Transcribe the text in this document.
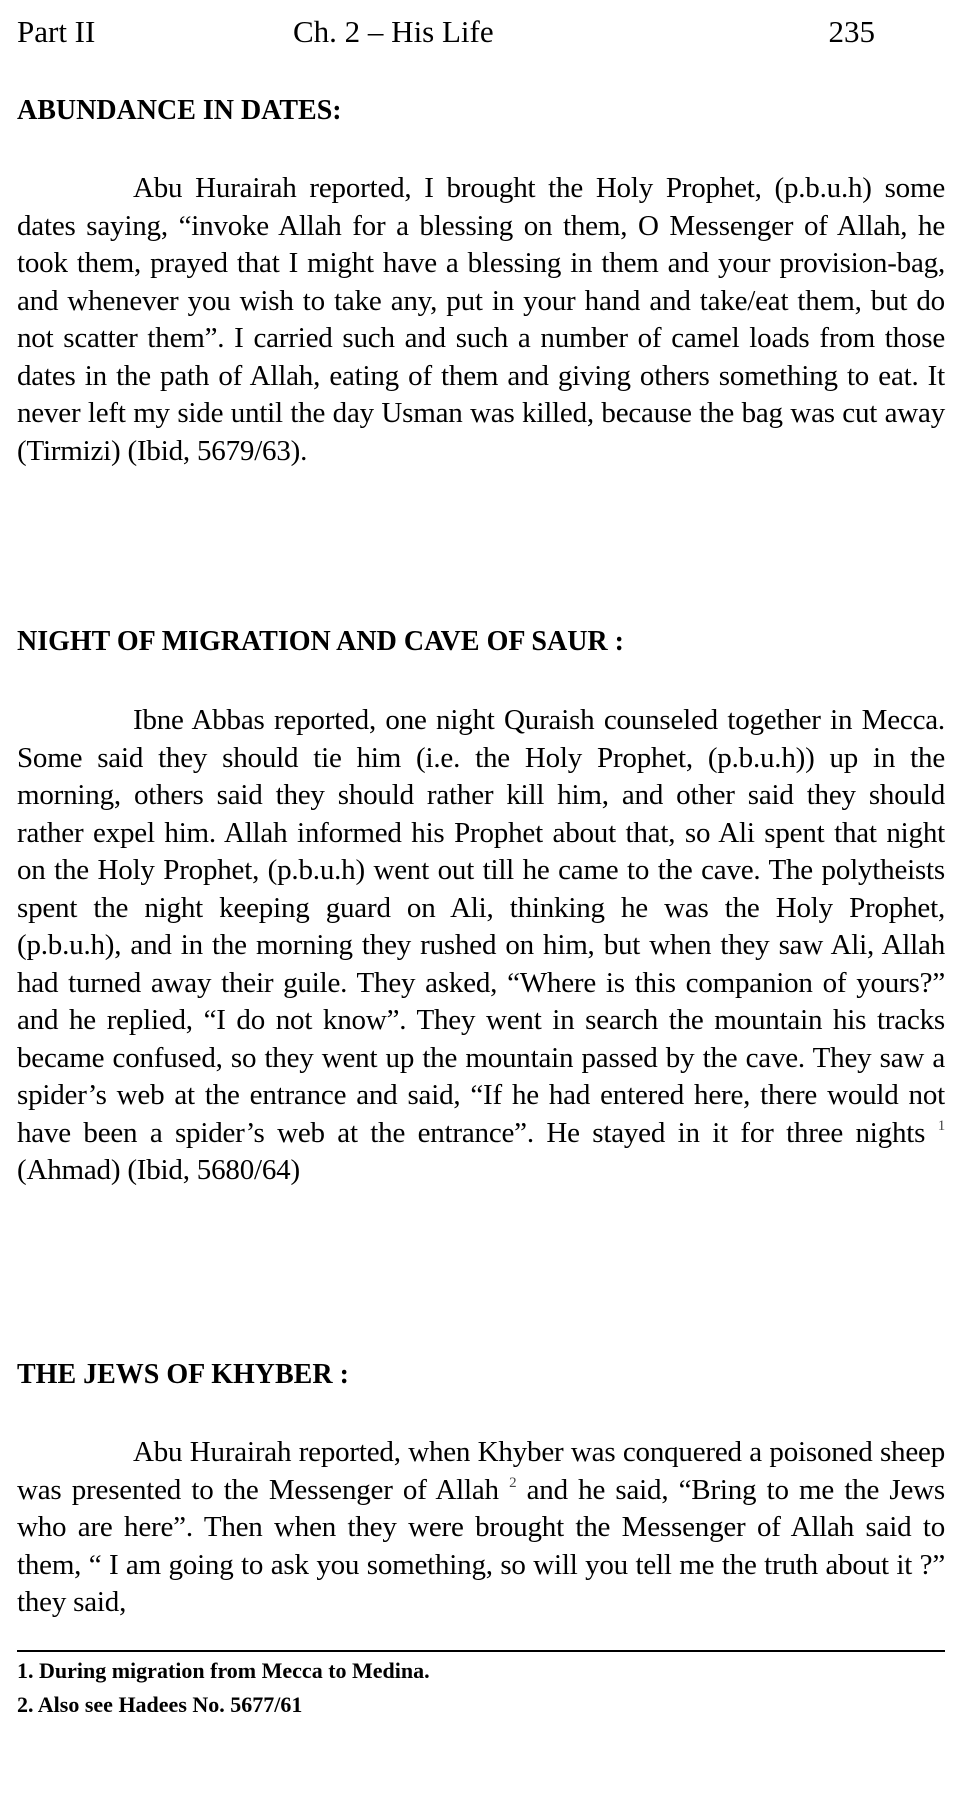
Part II	Ch. 2 – His Life	235
ABUNDANCE IN DATES:

Abu Hurairah reported, I brought the Holy Prophet, (p.b.u.h) some dates saying, “invoke Allah for a blessing on them, O Messenger of Allah, he took them, prayed that I might have a blessing in them and your provision-bag, and whenever you wish to take any, put in your hand and take/eat them, but do not scatter them”. I carried such and such a number of camel loads from those dates in the path of Allah, eating of them and giving others something to eat. It never left my side until the day Usman was killed, because the bag was cut away (Tirmizi) (Ibid, 5679/63).

NIGHT OF MIGRATION AND CAVE OF SAUR :

Ibne Abbas reported, one night Quraish counseled together in Mecca. Some said they should tie him (i.e. the Holy Prophet, (p.b.u.h)) up in the morning, others said they should rather kill him, and other said they should rather expel him. Allah informed his Prophet about that, so Ali spent that night on the Holy Prophet, (p.b.u.h) went out till he came to the cave. The polytheists spent the night keeping guard on Ali, thinking he was the Holy Prophet, (p.b.u.h), and in the morning they rushed on him, but when they saw Ali, Allah had turned away their guile. They asked, “Where is this companion of yours?” and he replied, “I do not know”. They went in search the mountain his tracks became confused, so they went up the mountain passed by the cave. They saw a spider’s web at the entrance and said, “If he had entered here, there would not have been a spider’s web at the entrance”. He stayed in it for three nights $^1$ (Ahmad) (Ibid, 5680/64)

THE JEWS OF KHYBER :

Abu Hurairah reported, when Khyber was conquered a poisoned sheep was presented to the Messenger of Allah $^2$ and he said, “Bring to me the Jews who are here”. Then when they were brought the Messenger of Allah said to them, “ I am going to ask you something, so will you tell me the truth about it ?” they said,

1. During migration from Mecca to Medina.
2. Also see Hadees No. 5677/61
